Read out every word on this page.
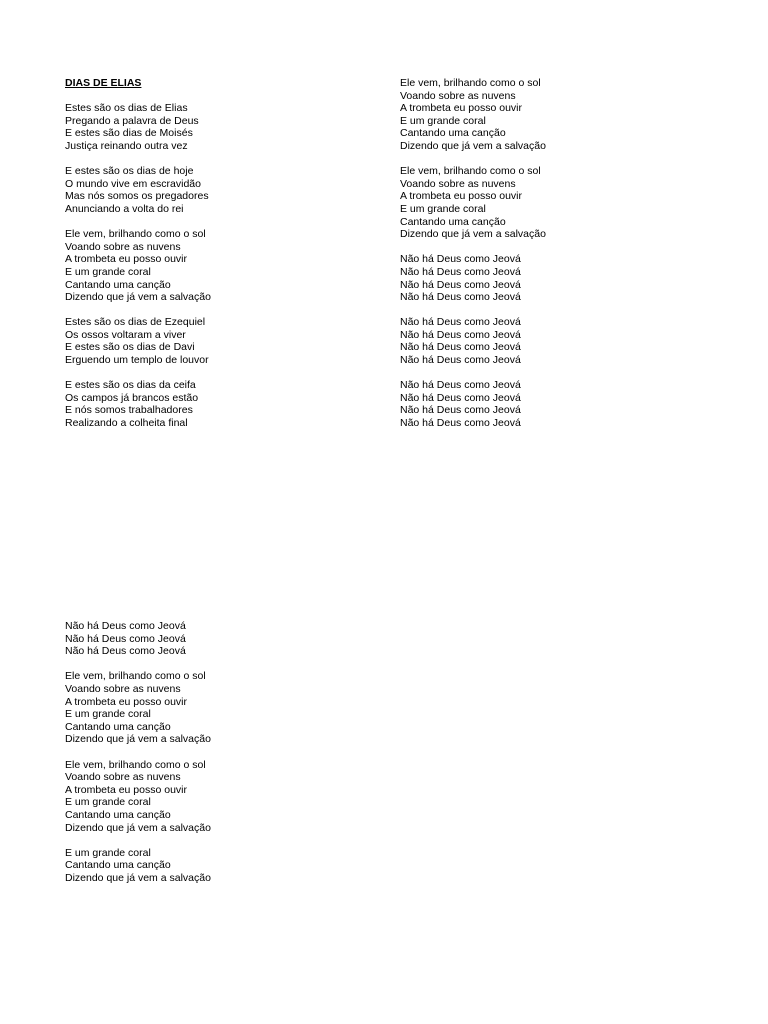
DIAS DE ELIAS
Estes são os dias de Elias
Pregando a palavra de Deus
E estes são dias de Moisés
Justiça reinando outra vez
E estes são os dias de hoje
O mundo vive em escravidão
Mas nós somos os pregadores
Anunciando a volta do rei
Ele vem, brilhando como o sol
Voando sobre as nuvens
A trombeta eu posso ouvir
E um grande coral
Cantando uma canção
Dizendo que já vem a salvação
Estes são os dias de Ezequiel
Os ossos voltaram a viver
E estes são os dias de Davi
Erguendo um templo de louvor
E estes são os dias da ceifa
Os campos já brancos estão
E nós somos trabalhadores
Realizando a colheita final
Ele vem, brilhando como o sol
Voando sobre as nuvens
A trombeta eu posso ouvir
E um grande coral
Cantando uma canção
Dizendo que já vem a salvação
Ele vem, brilhando como o sol
Voando sobre as nuvens
A trombeta eu posso ouvir
E um grande coral
Cantando uma canção
Dizendo que já vem a salvação
Não há Deus como Jeová
Não há Deus como Jeová
Não há Deus como Jeová
Não há Deus como Jeová
Não há Deus como Jeová
Não há Deus como Jeová
Não há Deus como Jeová
Não há Deus como Jeová
Não há Deus como Jeová
Não há Deus como Jeová
Não há Deus como Jeová
Não há Deus como Jeová
Não há Deus como Jeová
Não há Deus como Jeová
Não há Deus como Jeová
Ele vem, brilhando como o sol
Voando sobre as nuvens
A trombeta eu posso ouvir
E um grande coral
Cantando uma canção
Dizendo que já vem a salvação
Ele vem, brilhando como o sol
Voando sobre as nuvens
A trombeta eu posso ouvir
E um grande coral
Cantando uma canção
Dizendo que já vem a salvação
E um grande coral
Cantando uma canção
Dizendo que já vem a salvação
